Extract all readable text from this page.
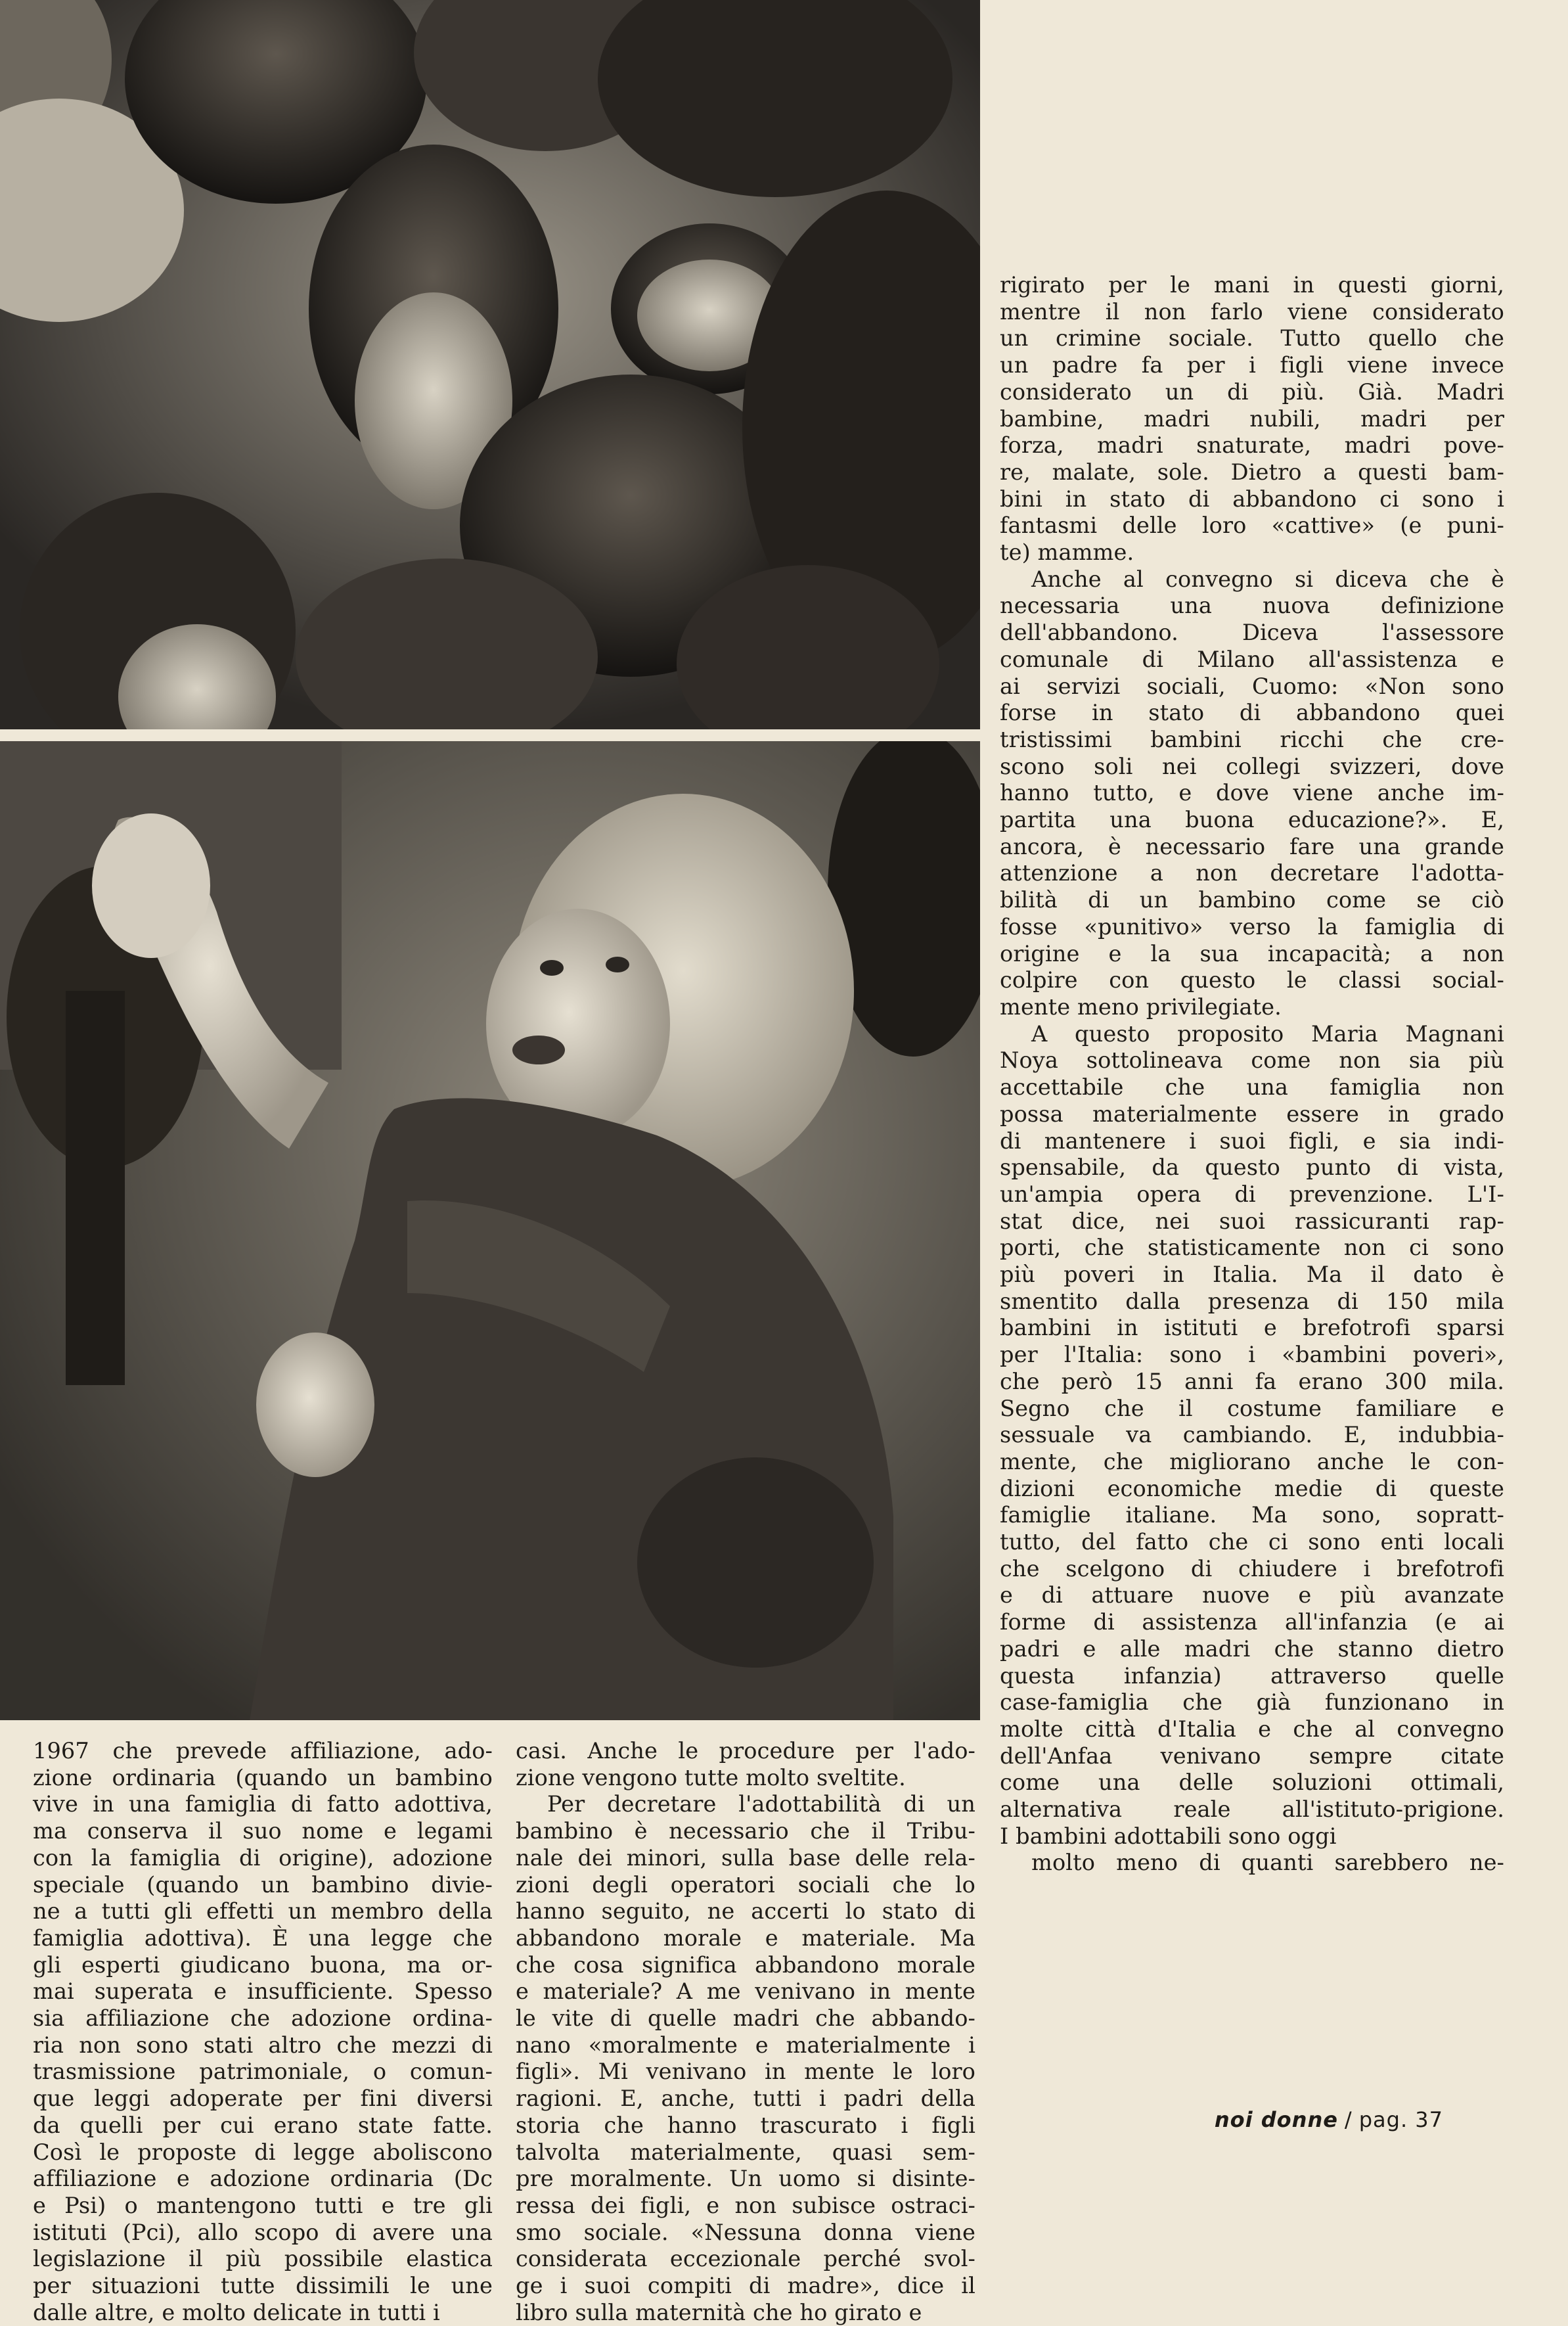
1967 che prevede affiliazione, ado-
zione ordinaria (quando un bambino
vive in una famiglia di fatto adottiva,
ma conserva il suo nome e legami
con la famiglia di origine), adozione
speciale (quando un bambino divie-
ne a tutti gli effetti un membro della
famiglia adottiva). È una legge che
gli esperti giudicano buona, ma or-
mai superata e insufficiente. Spesso
sia affiliazione che adozione ordina-
ria non sono stati altro che mezzi di
trasmissione patrimoniale, o comun-
que leggi adoperate per fini diversi
da quelli per cui erano state fatte.
Così le proposte di legge aboliscono
affiliazione e adozione ordinaria (Dc
e Psi) o mantengono tutti e tre gli
istituti (Pci), allo scopo di avere una
legislazione il più possibile elastica
per situazioni tutte dissimili le une
dalle altre, e molto delicate in tutti i
casi. Anche le procedure per l'ado-
zione vengono tutte molto sveltite.
Per decretare l'adottabilità di un
bambino è necessario che il Tribu-
nale dei minori, sulla base delle rela-
zioni degli operatori sociali che lo
hanno seguito, ne accerti lo stato di
abbandono morale e materiale. Ma
che cosa significa abbandono morale
e materiale? A me venivano in mente
le vite di quelle madri che abbando-
nano «moralmente e materialmente i
figli». Mi venivano in mente le loro
ragioni. E, anche, tutti i padri della
storia che hanno trascurato i figli
talvolta materialmente, quasi sem-
pre moralmente. Un uomo si disinte-
ressa dei figli, e non subisce ostraci-
smo sociale. «Nessuna donna viene
considerata eccezionale perché svol-
ge i suoi compiti di madre», dice il
libro sulla maternità che ho girato e
rigirato per le mani in questi giorni,
mentre il non farlo viene considerato
un crimine sociale. Tutto quello che
un padre fa per i figli viene invece
considerato un di più. Già. Madri
bambine, madri nubili, madri per
forza, madri snaturate, madri pove-
re, malate, sole. Dietro a questi bam-
bini in stato di abbandono ci sono i
fantasmi delle loro «cattive» (e puni-
te) mamme.
Anche al convegno si diceva che è
necessaria una nuova definizione
dell'abbandono. Diceva l'assessore
comunale di Milano all'assistenza e
ai servizi sociali, Cuomo: «Non sono
forse in stato di abbandono quei
tristissimi bambini ricchi che cre-
scono soli nei collegi svizzeri, dove
hanno tutto, e dove viene anche im-
partita una buona educazione?». E,
ancora, è necessario fare una grande
attenzione a non decretare l'adotta-
bilità di un bambino come se ciò
fosse «punitivo» verso la famiglia di
origine e la sua incapacità; a non
colpire con questo le classi social-
mente meno privilegiate.
A questo proposito Maria Magnani
Noya sottolineava come non sia più
accettabile che una famiglia non
possa materialmente essere in grado
di mantenere i suoi figli, e sia indi-
spensabile, da questo punto di vista,
un'ampia opera di prevenzione. L'I-
stat dice, nei suoi rassicuranti rap-
porti, che statisticamente non ci sono
più poveri in Italia. Ma il dato è
smentito dalla presenza di 150 mila
bambini in istituti e brefotrofi sparsi
per l'Italia: sono i «bambini poveri»,
che però 15 anni fa erano 300 mila.
Segno che il costume familiare e
sessuale va cambiando. E, indubbia-
mente, che migliorano anche le con-
dizioni economiche medie di queste
famiglie italiane. Ma sono, sopratt-
tutto, del fatto che ci sono enti locali
che scelgono di chiudere i brefotrofi
e di attuare nuove e più avanzate
forme di assistenza all'infanzia (e ai
padri e alle madri che stanno dietro
questa infanzia) attraverso quelle
case-famiglia che già funzionano in
molte città d'Italia e che al convegno
dell'Anfaa venivano sempre citate
come una delle soluzioni ottimali,
alternativa reale all'istituto-prigione.
I bambini adottabili sono oggi
molto meno di quanti sarebbero ne-
noi donne / pag. 37
